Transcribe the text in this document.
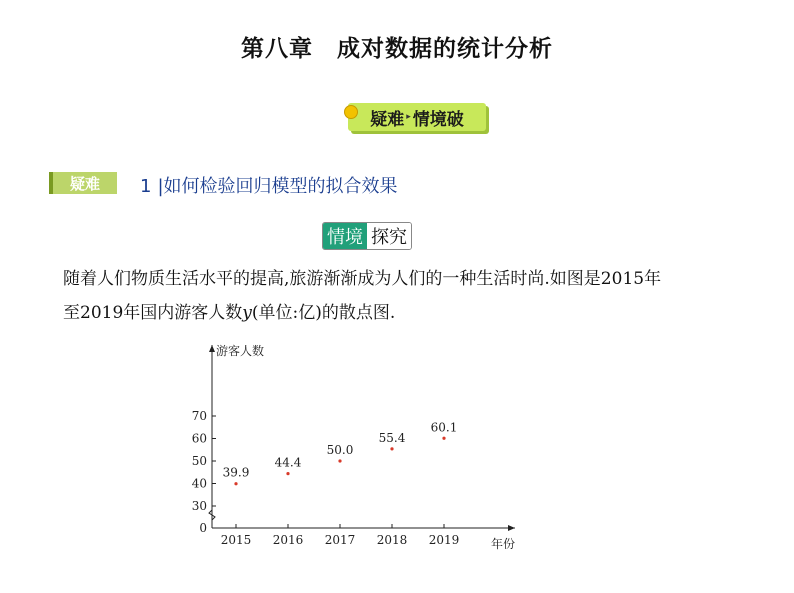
第八章　成对数据的统计分析
疑难 ▸ 情境破
疑难	1 |如何检验回归模型的拟合效果
情境 探究
随着人们物质生活水平的提高,旅游渐渐成为人们的一种生活时尚.如图是2015年
至2019年国内游客人数y(单位:亿)的散点图.
0
30
40
50
60
70
2015 2016 2017 2018 2019
游客人数
年份
39.9
44.4
50.0
55.4
60.1
